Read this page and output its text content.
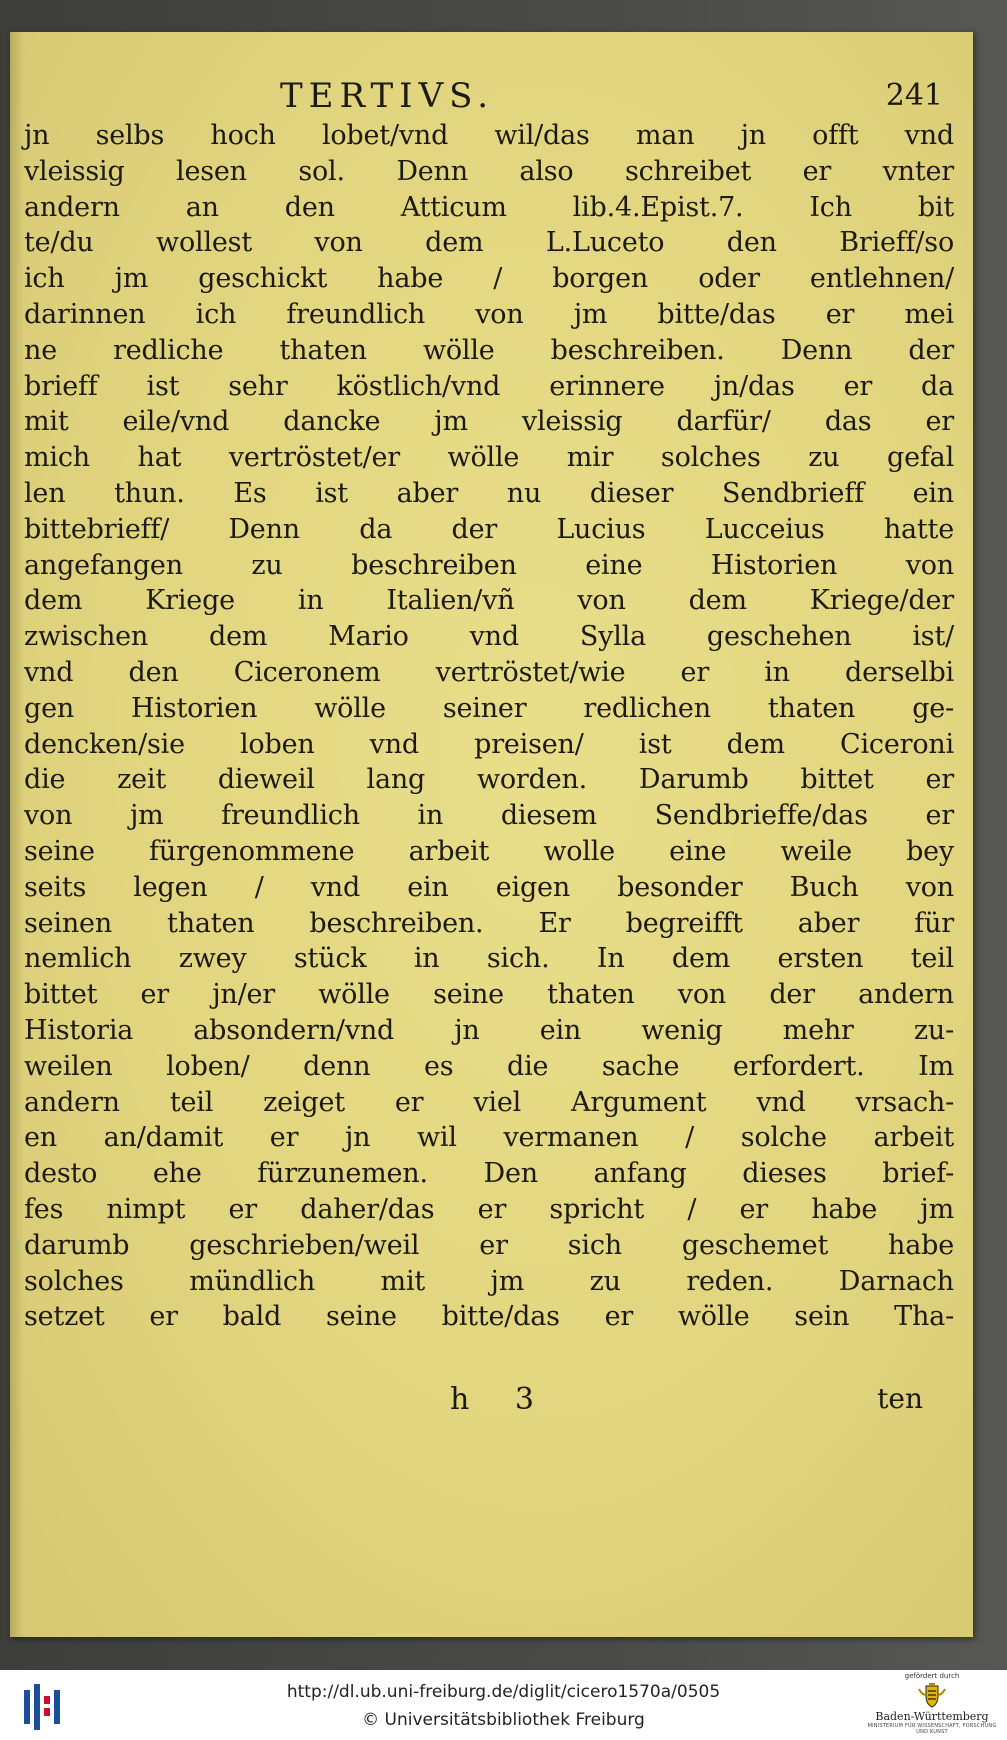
TERTIVS.	241
jn selbs hoch lobet/vnd wil/das man jn offt vnd
vleissig lesen sol. Denn also schreibet er vnter
andern an den Atticum lib.4.Epist.7. Ich bit
te/du wollest von dem L.Luceto den Brieff/so
ich jm geschickt habe / borgen oder entlehnen/
darinnen ich freundlich von jm bitte/das er mei
ne redliche thaten wölle beschreiben. Denn der
brieff ist sehr köstlich/vnd erinnere jn/das er da
mit eile/vnd dancke jm vleissig darfür/ das er
mich hat vertröstet/er wölle mir solches zu gefal
len thun. Es ist aber nu dieser Sendbrieff ein
bittebrieff/ Denn da der Lucius Lucceius hatte
angefangen zu beschreiben eine Historien von
dem Kriege in Italien/vñ von dem Kriege/der
zwischen dem Mario vnd Sylla geschehen ist/
vnd den Ciceronem vertröstet/wie er in derselbi
gen Historien wölle seiner redlichen thaten ge-
dencken/sie loben vnd preisen/ ist dem Ciceroni
die zeit dieweil lang worden. Darumb bittet er
von jm freundlich in diesem Sendbrieffe/das er
seine fürgenommene arbeit wolle eine weile bey
seits legen / vnd ein eigen besonder Buch von
seinen thaten beschreiben. Er begreifft aber für
nemlich zwey stück in sich. In dem ersten teil
bittet er jn/er wölle seine thaten von der andern
Historia absondern/vnd jn ein wenig mehr zu-
weilen loben/ denn es die sache erfordert. Im
andern teil zeiget er viel Argument vnd vrsach-
en an/damit er jn wil vermanen / solche arbeit
desto ehe fürzunemen. Den anfang dieses brief-
fes nimpt er daher/das er spricht / er habe jm
darumb geschrieben/weil er sich geschemet habe
solches mündlich mit jm zu reden. Darnach
setzet er bald seine bitte/das er wölle sein Tha-
h 3	ten
http://dl.ub.uni-freiburg.de/diglit/cicero1570a/0505
© Universitätsbibliothek Freiburg
gefördert durch
Baden-Württemberg
MINISTERIUM FÜR WISSENSCHAFT, FORSCHUNG UND KUNST
